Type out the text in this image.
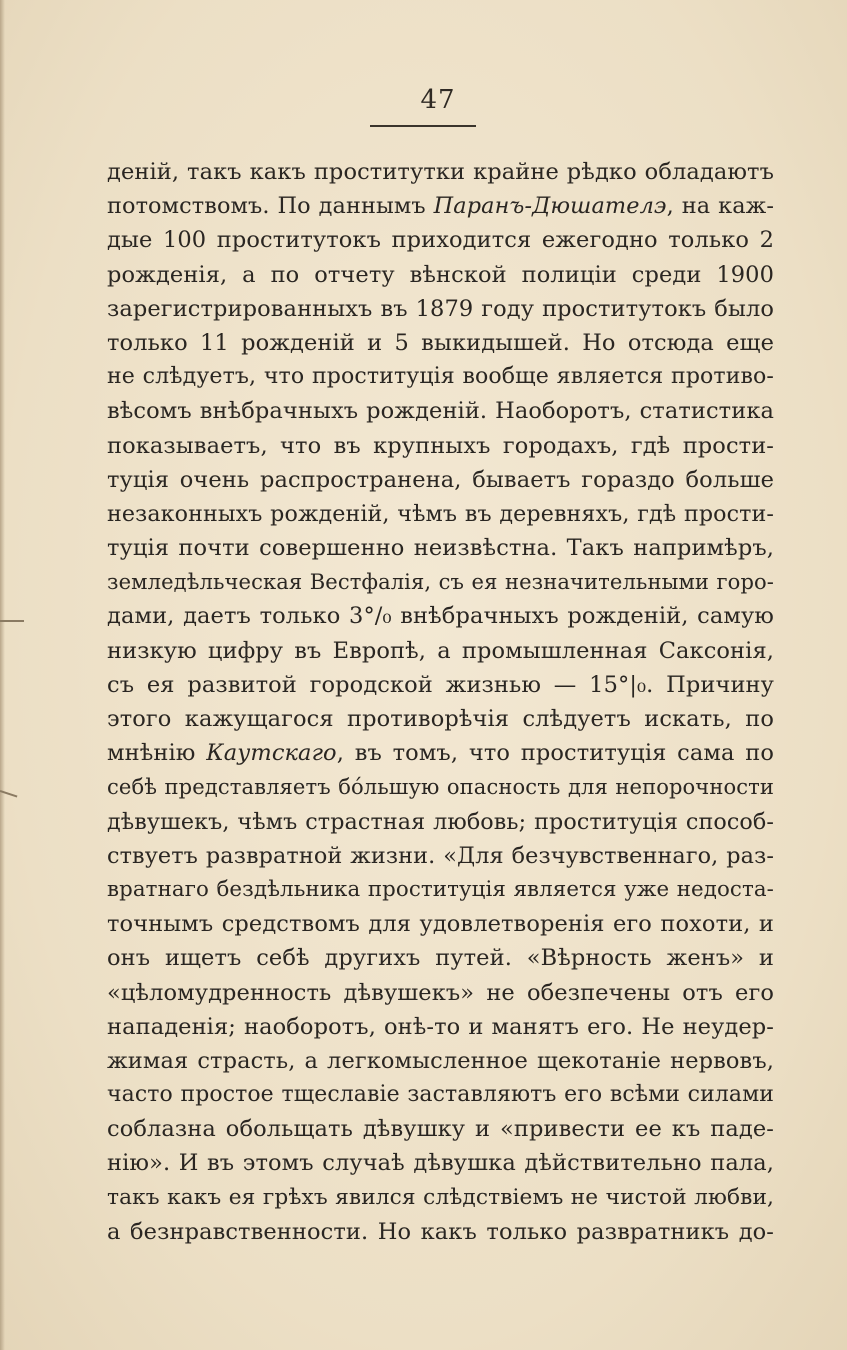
47
деній, такъ какъ проститутки крайне рѣдко обладаютъ
потомствомъ. По даннымъ Паранъ-Дюшателэ, на каж-
дые 100 проститутокъ приходится ежегодно только 2
рожденія, а по отчету вѣнской полиціи среди 1900
зарегистрированныхъ въ 1879 году проститутокъ было
только 11 рожденій и 5 выкидышей. Но отсюда еще
не слѣдуетъ, что проституція вообще является противо-
вѣсомъ внѣбрачныхъ рожденій. Наоборотъ, статистика
показываетъ, что въ крупныхъ городахъ, гдѣ прости-
туція очень распространена, бываетъ гораздо больше
незаконныхъ рожденій, чѣмъ въ деревняхъ, гдѣ прости-
туція почти совершенно неизвѣстна. Такъ напримѣръ,
земледѣльческая Вестфалія, съ ея незначительными горо-
дами, даетъ только 3°/₀ внѣбрачныхъ рожденій, самую
низкую цифру въ Европѣ, а промышленная Саксонія,
съ ея развитой городской жизнью — 15°|₀. Причину
этого кажущагося противорѣчія слѣдуетъ искать, по
мнѣнію Каутскаго, въ томъ, что проституція сама по
себѣ представляетъ бóльшую опасность для непорочности
дѣвушекъ, чѣмъ страстная любовь; проституція способ-
ствуетъ развратной жизни. «Для безчувственнаго, раз-
вратнаго бездѣльника проституція является уже недоста-
точнымъ средствомъ для удовлетворенія его похоти, и
онъ ищетъ себѣ другихъ путей. «Вѣрность женъ» и
«цѣломудренность дѣвушекъ» не обезпечены отъ его
нападенія; наоборотъ, онѣ-то и манятъ его. Не неудер-
жимая страсть, а легкомысленное щекотаніе нервовъ,
часто простое тщеславіе заставляютъ его всѣми силами
соблазна обольщать дѣвушку и «привести ее къ паде-
нію». И въ этомъ случаѣ дѣвушка дѣйствительно пала,
такъ какъ ея грѣхъ явился слѣдствіемъ не чистой любви,
а безнравственности. Но какъ только развратникъ до-
